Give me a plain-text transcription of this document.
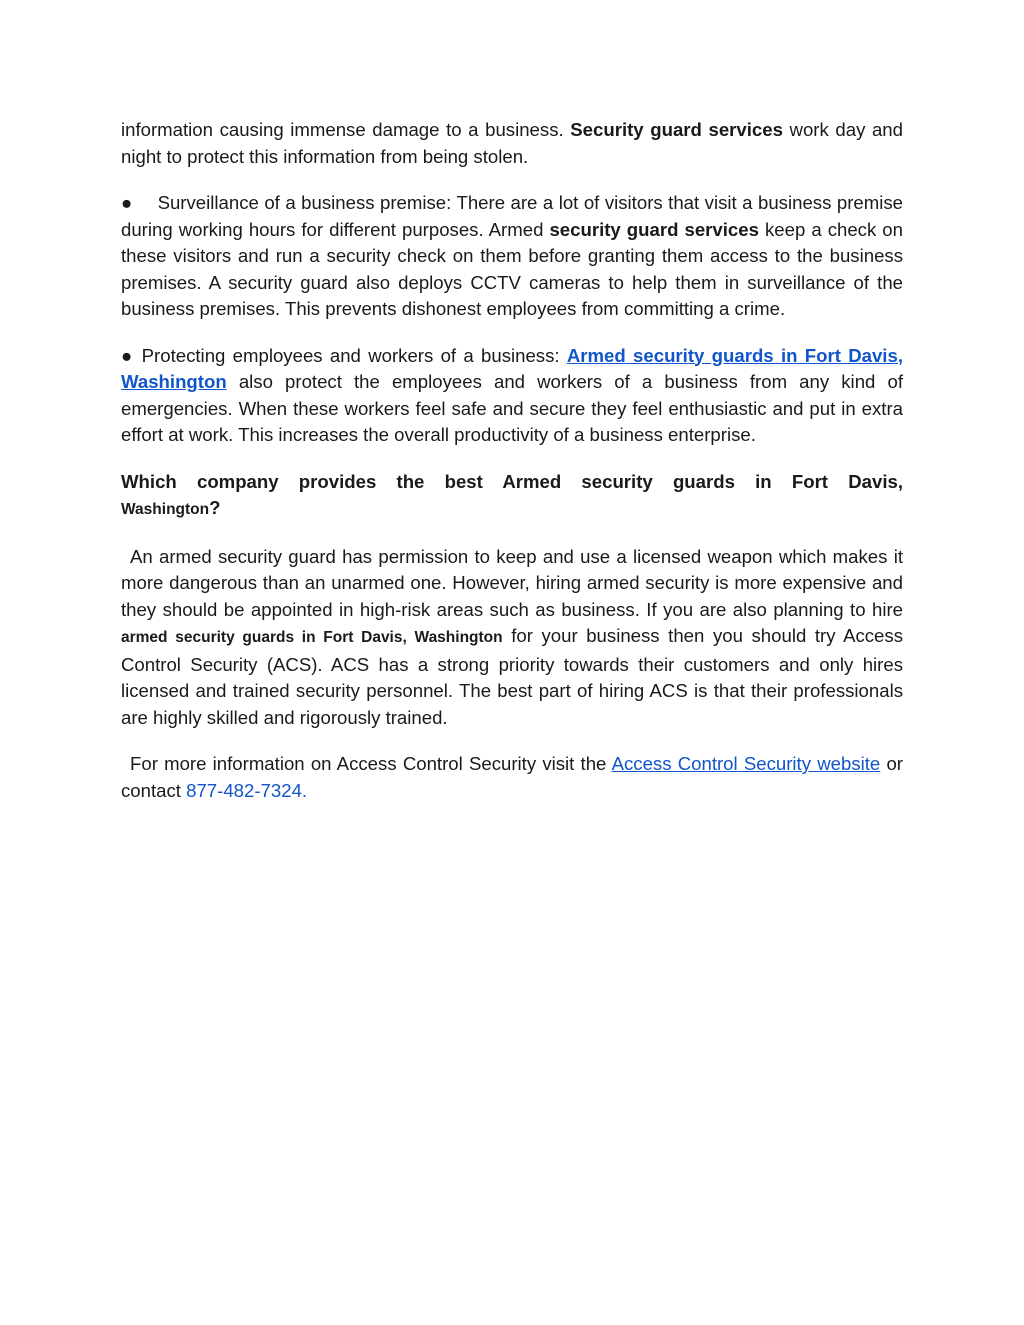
information causing immense damage to a business. Security guard services work day and night to protect this information from being stolen.

● Surveillance of a business premise: There are a lot of visitors that visit a business premise during working hours for different purposes. Armed security guard services keep a check on these visitors and run a security check on them before granting them access to the business premises. A security guard also deploys CCTV cameras to help them in surveillance of the business premises. This prevents dishonest employees from committing a crime.

● Protecting employees and workers of a business: Armed security guards in Fort Davis, Washington also protect the employees and workers of a business from any kind of emergencies. When these workers feel safe and secure they feel enthusiastic and put in extra effort at work. This increases the overall productivity of a business enterprise.

Which company provides the best Armed security guards in Fort Davis,
Washington?

An armed security guard has permission to keep and use a licensed weapon which makes it more dangerous than an unarmed one. However, hiring armed security is more expensive and they should be appointed in high-risk areas such as business. If you are also planning to hire armed security guards in Fort Davis, Washington for your business then you should try Access Control Security (ACS). ACS has a strong priority towards their customers and only hires licensed and trained security personnel. The best part of hiring ACS is that their professionals are highly skilled and rigorously trained.

For more information on Access Control Security visit the Access Control Security website or contact 877-482-7324.
